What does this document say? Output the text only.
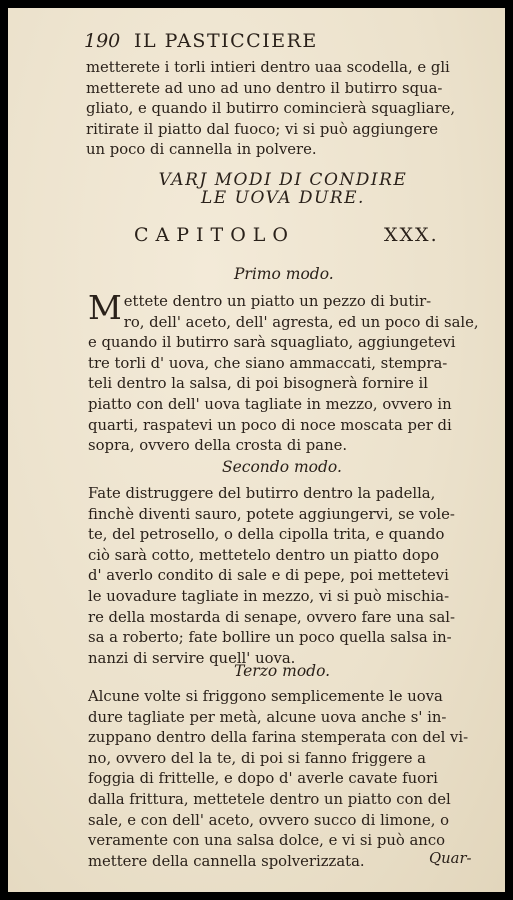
190 IL PASTICCIERE

metterete i torli intieri dentro uaa scodella, e gli
metterete ad uno ad uno dentro il butirro squa-
gliato, e quando il butirro comincierà squagliare,
ritirate il piatto dal fuoco; vi si può aggiungere
un poco di cannella in polvere.

VARJ MODI DI CONDIRE
LE UOVA DURE.
CAPITOLO	XXX.
Primo modo.

M ettete dentro un piatto un pezzo di butir-
ro, dell' aceto, dell' agresta, ed un poco di sale,
e quando il butirro sarà squagliato, aggiungetevi
tre torli d' uova, che siano ammaccati, stempra-
teli dentro la salsa, di poi bisognerà fornire il
piatto con dell' uova tagliate in mezzo, ovvero in
quarti, raspatevi un poco di noce moscata per di
sopra, ovvero della crosta di pane.

Secondo modo.

Fate distruggere del butirro dentro la padella,
finchè diventi sauro, potete aggiungervi, se vole-
te, del petrosello, o della cipolla trita, e quando
ciò sarà cotto, mettetelo dentro un piatto dopo
d' averlo condito di sale e di pepe, poi mettetevi
le uovadure tagliate in mezzo, vi si può mischia-
re della mostarda di senape, ovvero fare una sal-
sa a roberto; fate bollire un poco quella salsa in-
nanzi di servire quell' uova.

Terzo modo.

Alcune volte si friggono semplicemente le uova
dure tagliate per metà, alcune uova anche s' in-
zuppano dentro della farina stemperata con del vi-
no, ovvero del la te, di poi si fanno friggere a
foggia di frittelle, e dopo d' averle cavate fuori
dalla frittura, mettetele dentro un piatto con del
sale, e con dell' aceto, ovvero succo di limone, o
veramente con una salsa dolce, e vi si può anco
mettere della cannella spolverizzata.	Quar-
